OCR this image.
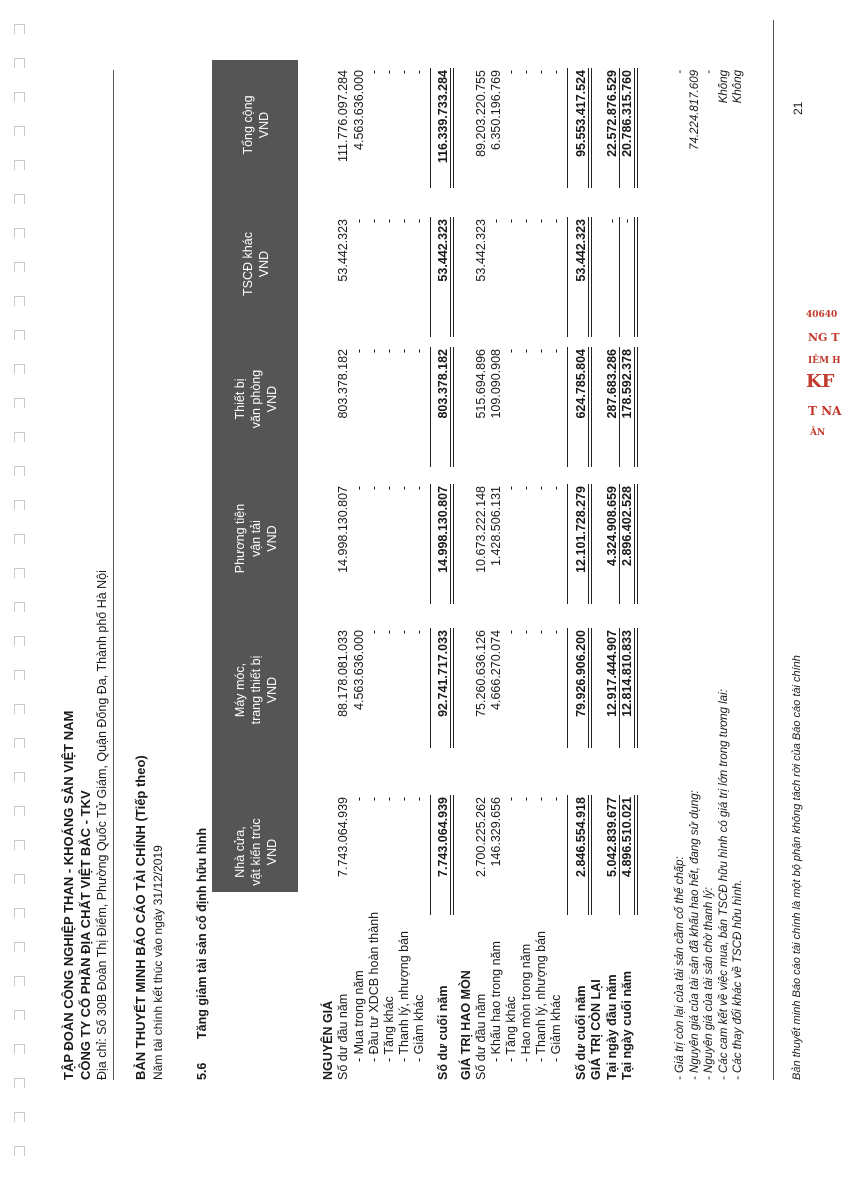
TẬP ĐOÀN CÔNG NGHIỆP THAN - KHOÁNG SẢN VIỆT NAM CÔNG TY CỔ PHẦN ĐỊA CHẤT VIỆT BẮC - TKV Địa chỉ: Số 30B Đoàn Thị Điểm, Phường Quốc Tử Giám, Quận Đống Đa, Thành phố Hà Nội BẢN THUYẾT MINH BÁO CÁO TÀI CHÍNH (Tiếp theo) Năm tài chính kết thúc vào ngày 31/12/2019 5.6
Tăng giảm tài sản cố định hữu hình Nhà cửa, vật kiến trúc VND
Máy móc, trang thiết bị VND
Phương tiện vận tải VND
Thiết bị văn phòng VND
TSCĐ khác VND
Tổng cộng VND
NGUYÊN GIÁ Số dư đầu năm
7.743.064.939
88.178.081.033
14.998.130.807
803.378.182
53.442.323
111.776.097.284
- Mua trong năm
-
4.563.636.000
-
-
-
4.563.636.000
- Đầu tư XDCB hoàn thành
-
-
-
-
-
-
- Tăng khác
-
-
-
-
-
-
- Thanh lý, nhượng bán
-
-
-
-
-
-
- Giảm khác
-
-
-
-
-
-
Số dư cuối năm
7.743.064.939
92.741.717.033
14.998.130.807
803.378.182
53.442.323
116.339.733.284
GIÁ TRỊ HAO MÒN Số dư đầu năm
2.700.225.262
75.260.636.126
10.673.222.148
515.694.896
53.442.323
89.203.220.755
- Khấu hao trong năm
146.329.656
4.666.270.074
1.428.506.131
109.090.908
-
6.350.196.769
- Tăng khác
-
-
-
-
-
-
- Hao mòn trong năm
-
-
-
-
-
-
- Thanh lý, nhượng bán
-
-
-
-
-
-
- Giảm khác
-
-
-
-
-
-
Số dư cuối năm
2.846.554.918
79.926.906.200
12.101.728.279
624.785.804
53.442.323
95.553.417.524
GIÁ TRỊ CÒN LẠI Tại ngày đầu năm
5.042.839.677
12.917.444.907
4.324.908.659
287.683.286
-
22.572.876.529
Tại ngày cuối năm
4.896.510.021
12.814.810.833
2.896.402.528
178.592.378
-
20.786.315.760
- Giá trị còn lại của tài sản cầm cố thế chấp:
-
- Nguyên giá của tài sản đã khấu hao hết, đang sử dụng:
74.224.817.609
- Nguyên giá của tài sản chờ thanh lý:
-
- Các cam kết về việc mua, bán TSCĐ hữu hình có giá trị lớn trong tương lai:
Không
- Các thay đổi khác về TSCĐ hữu hình.
Không
Bản thuyết minh Báo cáo tài chính là một bộ phận không tách rời của Báo cáo tài chính
21
40640
NG T
IÊM H
KF
T NA
ÂN
